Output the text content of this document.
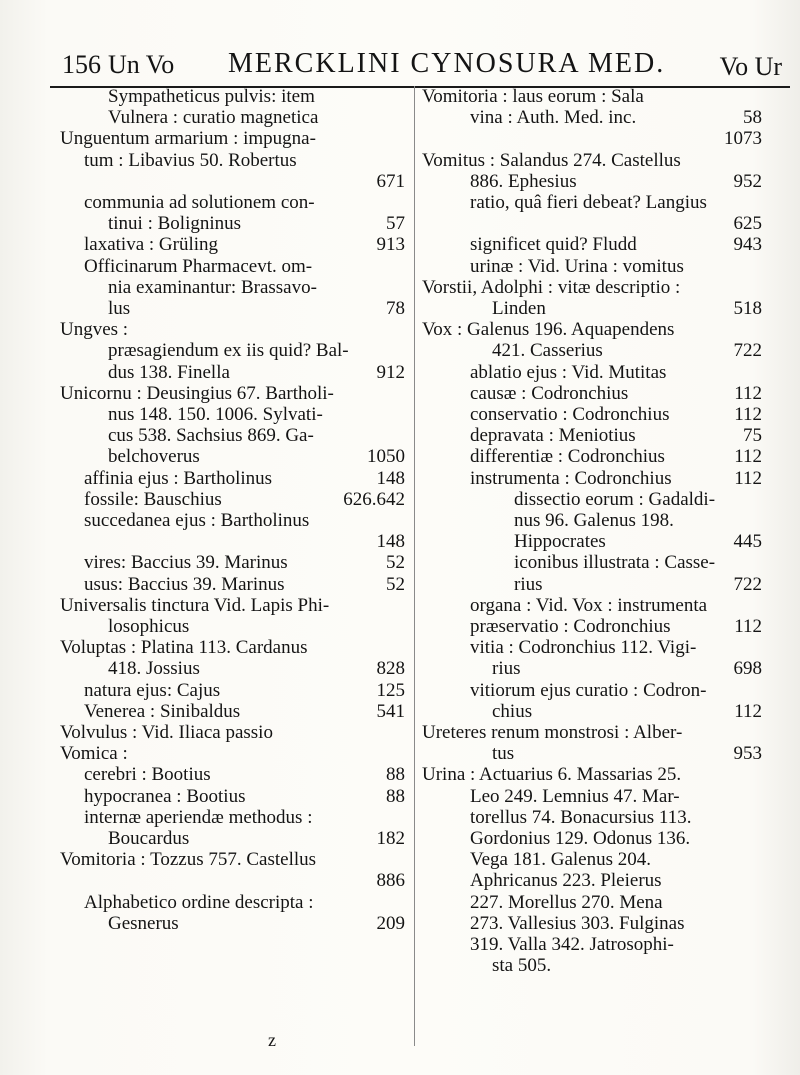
156 Un Vo MERCKLINI CYNOSURA MED. Vo Ur
Sympatheticus pulvis: item
Vulnera : curatio magnetica
Unguentum armarium : impugna-
tum : Libavius 50. Robertus
671
communia ad solutionem con-
tinui : Boligninus	57
laxativa : Grüling	913
Officinarum Pharmacevt. om-
nia examinantur: Brassavo-
lus	78
Ungves :
præsagiendum ex iis quid? Bal-
dus 138. Finella	912
Unicornu : Deusingius 67. Bartholi-
nus 148. 150. 1006. Sylvati-
cus 538. Sachsius 869. Ga-
belchoverus	1050
affinia ejus : Bartholinus	148
fossile: Bauschius	626.642
succedanea ejus : Bartholinus
148
vires: Baccius 39. Marinus	52
usus: Baccius 39. Marinus	52
Universalis tinctura Vid. Lapis Phi-
losophicus
Voluptas : Platina 113. Cardanus
418. Jossius	828
natura ejus: Cajus	125
Venerea : Sinibaldus	541
Volvulus : Vid. Iliaca passio
Vomica :
cerebri : Bootius	88
hypocranea : Bootius	88
internæ aperiendæ methodus :
Boucardus	182
Vomitoria : Tozzus 757. Castellus
886
Alphabetico ordine descripta :
Gesnerus	209
Vomitoria : laus eorum : Sala
vina : Auth. Med. inc.	58
1073
Vomitus : Salandus 274. Castellus
886. Ephesius	952
ratio, quâ fieri debeat? Langius
625
significet quid? Fludd	943
urinæ : Vid. Urina : vomitus
Vorstii, Adolphi : vitæ descriptio :
Linden	518
Vox : Galenus 196. Aquapendens
421. Casserius	722
ablatio ejus : Vid. Mutitas
causæ : Codronchius	112
conservatio : Codronchius	112
depravata : Meniotius	75
differentiæ : Codronchius	112
instrumenta : Codronchius	112
dissectio eorum : Gadaldi-
nus 96. Galenus 198.
Hippocrates	445
iconibus illustrata : Casse-
rius	722
organa : Vid. Vox : instrumenta
præservatio : Codronchius	112
vitia : Codronchius 112. Vigi-
rius	698
vitiorum ejus curatio : Codron-
chius	112
Ureteres renum monstrosi : Alber-
tus	953
Urina : Actuarius 6. Massarias 25.
Leo 249. Lemnius 47. Mar-
torellus 74. Bonacursius 113.
Gordonius 129. Odonus 136.
Vega 181. Galenus 204.
Aphricanus 223. Pleierus
227. Morellus 270. Mena
273. Vallesius 303. Fulginas
319. Valla 342. Jatrosophi-
sta 505.
z
